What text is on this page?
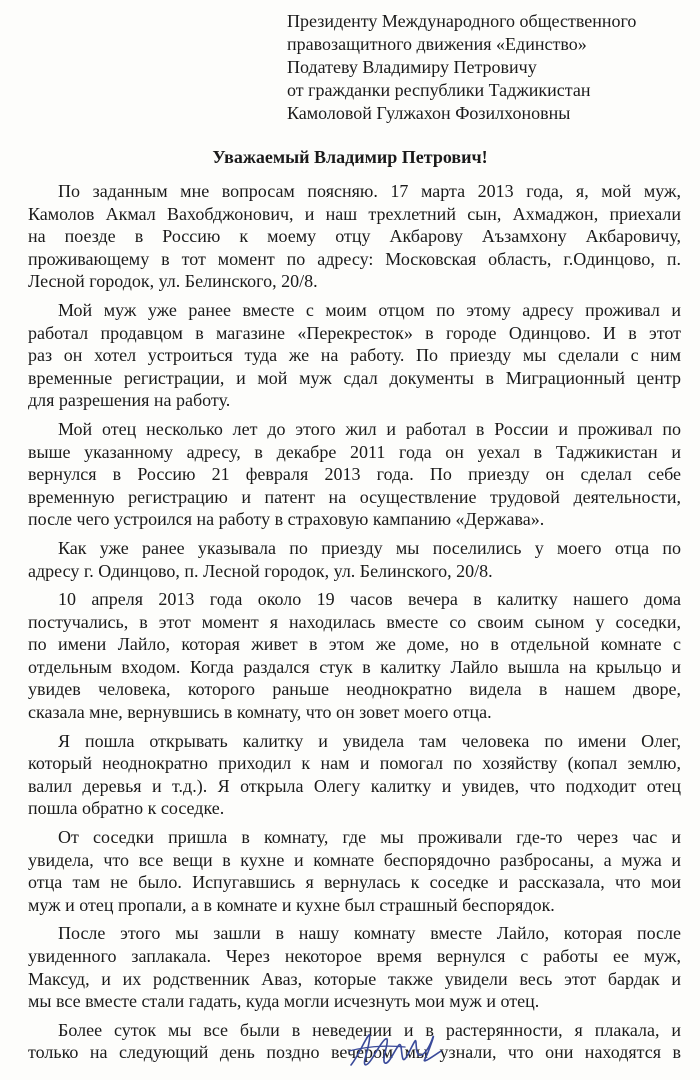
Президенту Международного общественного
правозащитного движения «Единство»
Податеву Владимиру Петровичу
от гражданки республики Таджикистан
Камоловой Гулжахон Фозилхоновны
Уважаемый Владимир Петрович!
По заданным мне вопросам поясняю. 17 марта 2013 года, я, мой муж,
Камолов Акмал Вахобджонович, и наш трехлетний сын, Ахмаджон, приехали
на поезде в Россию к моему отцу Акбарову Аъзамхону Акбаровичу,
проживающему в тот момент по адресу: Московская область, г.Одинцово, п.
Лесной городок, ул. Белинского, 20/8.
Мой муж уже ранее вместе с моим отцом по этому адресу проживал и
работал продавцом в магазине «Перекресток» в городе Одинцово. И в этот
раз он хотел устроиться туда же на работу. По приезду мы сделали с ним
временные регистрации, и мой муж сдал документы в Миграционный центр
для разрешения на работу.
Мой отец несколько лет до этого жил и работал в России и проживал по
выше указанному адресу, в декабре 2011 года он уехал в Таджикистан и
вернулся в Россию 21 февраля 2013 года. По приезду он сделал себе
временную регистрацию и патент на осуществление трудовой деятельности,
после чего устроился на работу в страховую кампанию «Держава».
Как уже ранее указывала по приезду мы поселились у моего отца по
адресу г. Одинцово, п. Лесной городок, ул. Белинского, 20/8.
10 апреля 2013 года около 19 часов вечера в калитку нашего дома
постучались, в этот момент я находилась вместе со своим сыном у соседки,
по имени Лайло, которая живет в этом же доме, но в отдельной комнате с
отдельным входом. Когда раздался стук в калитку Лайло вышла на крыльцо и
увидев человека, которого раньше неоднократно видела в нашем дворе,
сказала мне, вернувшись в комнату, что он зовет моего отца.
Я пошла открывать калитку и увидела там человека по имени Олег,
который неоднократно приходил к нам и помогал по хозяйству (копал землю,
валил деревья и т.д.). Я открыла Олегу калитку и увидев, что подходит отец
пошла обратно к соседке.
От соседки пришла в комнату, где мы проживали где-то через час и
увидела, что все вещи в кухне и комнате беспорядочно разбросаны, а мужа и
отца там не было. Испугавшись я вернулась к соседке и рассказала, что мои
муж и отец пропали, а в комнате и кухне был страшный беспорядок.
После этого мы зашли в нашу комнату вместе Лайло, которая после
увиденного заплакала. Через некоторое время вернулся с работы ее муж,
Максуд, и их родственник Аваз, которые также увидели весь этот бардак и
мы все вместе стали гадать, куда могли исчезнуть мои муж и отец.
Более суток мы все были в неведении и в растерянности, я плакала, и
только на следующий день поздно вечером мы узнали, что они находятся в
